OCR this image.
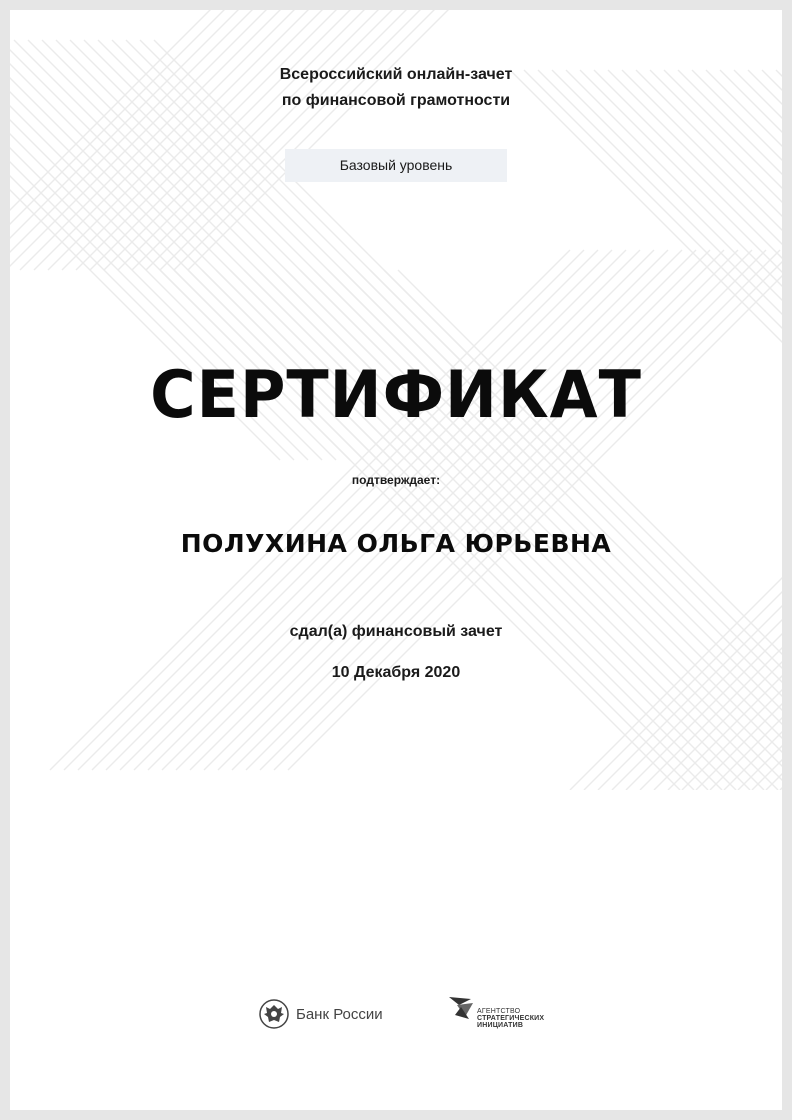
Всероссийский онлайн-зачет
по финансовой грамотности
Базовый уровень
СЕРТИФИКАТ
подтверждает:
ПОЛУХИНА ОЛЬГА ЮРЬЕВНА
сдал(а) финансовый зачет
10 Декабря 2020
Банк России	АГЕНТСТВО
СТРАТЕГИЧЕСКИХ
ИНИЦИАТИВ
